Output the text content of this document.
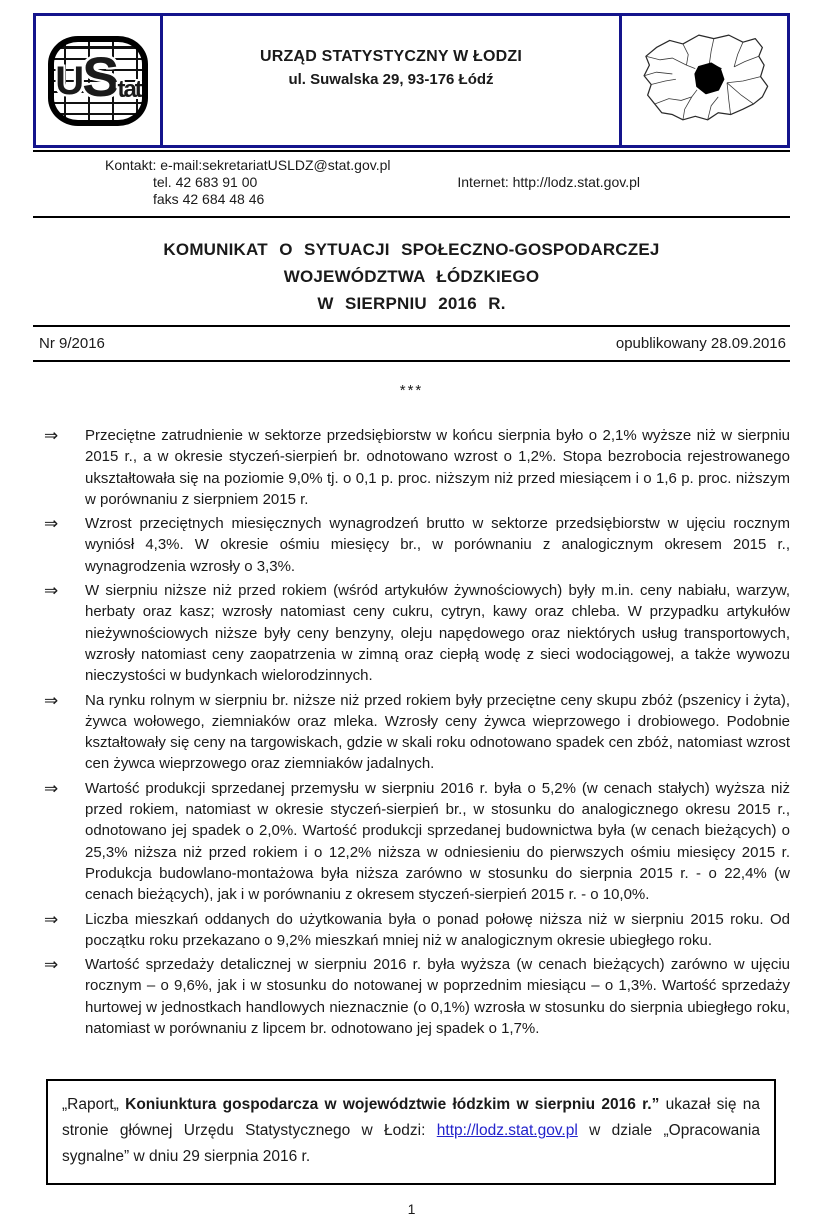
U S tat
URZĄD STATYSTYCZNY W ŁODZI
ul. Suwalska 29, 93-176 Łódź
Kontakt: e-mail:sekretariatUSLDZ@stat.gov.pl
tel. 42 683 91 00
faks 42 684 48 46
Internet: http://lodz.stat.gov.pl
KOMUNIKAT O SYTUACJI SPOŁECZNO-GOSPODARCZEJ
WOJEWÓDZTWA ŁÓDZKIEGO
W SIERPNIU 2016 R.
Nr 9/2016	opublikowany 28.09.2016
***
⇒	Przeciętne zatrudnienie w sektorze przedsiębiorstw w końcu sierpnia było o 2,1% wyższe niż w sierpniu 2015 r., a w okresie styczeń-sierpień br. odnotowano wzrost o 1,2%. Stopa bezrobocia rejestrowanego ukształtowała się na poziomie 9,0% tj. o 0,1 p. proc. niższym niż przed miesiącem i o 1,6 p. proc. niższym w porównaniu z sierpniem 2015 r.
⇒	Wzrost przeciętnych miesięcznych wynagrodzeń brutto w sektorze przedsiębiorstw w ujęciu rocznym wyniósł 4,3%. W okresie ośmiu miesięcy br., w porównaniu z analogicznym okresem 2015 r., wynagrodzenia wzrosły o 3,3%.
⇒	W sierpniu niższe niż przed rokiem (wśród artykułów żywnościowych) były m.in. ceny nabiału, warzyw, herbaty oraz kasz; wzrosły natomiast ceny cukru, cytryn, kawy oraz chleba. W przypadku artykułów nieżywnościowych niższe były ceny benzyny, oleju napędowego oraz niektórych usług transportowych, wzrosły natomiast ceny zaopatrzenia w zimną oraz ciepłą wodę z sieci wodociągowej, a także wywozu nieczystości w budynkach wielorodzinnych.
⇒	Na rynku rolnym w sierpniu br. niższe niż przed rokiem były przeciętne ceny skupu zbóż (pszenicy i żyta), żywca wołowego, ziemniaków oraz mleka. Wzrosły ceny żywca wieprzowego i drobiowego. Podobnie kształtowały się ceny na targowiskach, gdzie w skali roku odnotowano spadek cen zbóż, natomiast wzrost cen żywca wieprzowego oraz ziemniaków jadalnych.
⇒	Wartość produkcji sprzedanej przemysłu w sierpniu 2016 r. była o 5,2% (w cenach stałych) wyższa niż przed rokiem, natomiast w okresie styczeń-sierpień br., w stosunku do analogicznego okresu 2015 r., odnotowano jej spadek o 2,0%. Wartość produkcji sprzedanej budownictwa była (w cenach bieżących) o 25,3% niższa niż przed rokiem i o 12,2% niższa w odniesieniu do pierwszych ośmiu miesięcy 2015 r. Produkcja budowlano-montażowa była niższa zarówno w stosunku do sierpnia 2015 r. - o 22,4% (w cenach bieżących), jak i w porównaniu z okresem styczeń-sierpień 2015 r. - o 10,0%.
⇒	Liczba mieszkań oddanych do użytkowania była o ponad połowę niższa niż w sierpniu 2015 roku. Od początku roku przekazano o 9,2% mieszkań mniej niż w analogicznym okresie ubiegłego roku.
⇒	Wartość sprzedaży detalicznej w sierpniu 2016 r. była wyższa (w cenach bieżących) zarówno w ujęciu rocznym – o 9,6%, jak i w stosunku do notowanej w poprzednim miesiącu – o 1,3%. Wartość sprzedaży hurtowej w jednostkach handlowych nieznacznie (o 0,1%) wzrosła w stosunku do sierpnia ubiegłego roku, natomiast w porównaniu z lipcem br. odnotowano jej spadek o 1,7%.
„Raport„ Koniunktura gospodarcza w województwie łódzkim w sierpniu 2016 r.” ukazał się na stronie głównej Urzędu Statystycznego w Łodzi: http://lodz.stat.gov.pl w dziale „Opracowania sygnalne” w dniu 29 sierpnia 2016 r.
1
